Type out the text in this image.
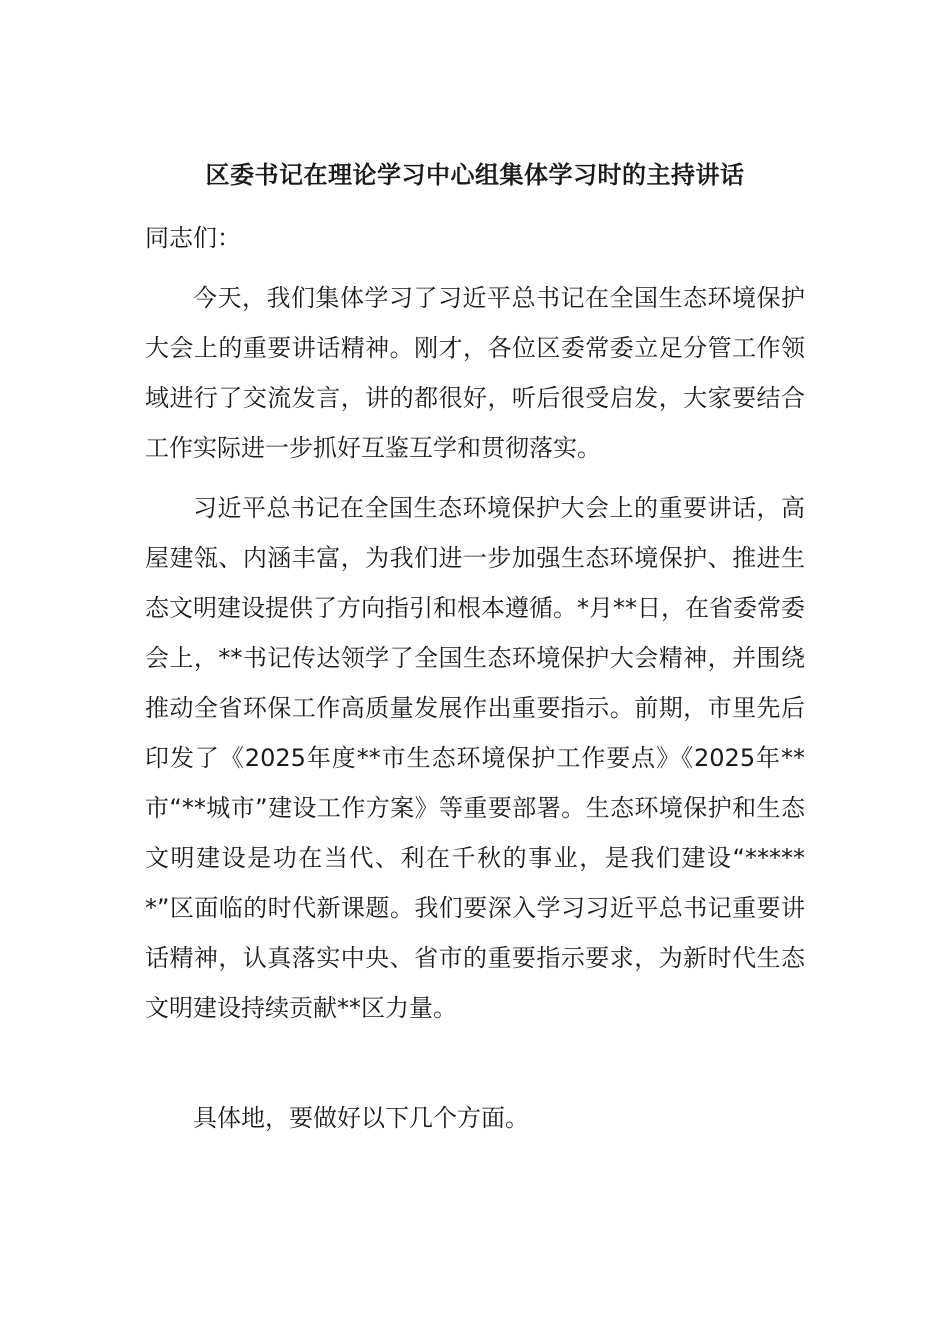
区委书记在理论学习中心组集体学习时的主持讲话

同志们：

今天，我们集体学习了习近平总书记在全国生态环境保护大会上的重要讲话精神。刚才，各位区委常委立足分管工作领域进行了交流发言，讲的都很好，听后很受启发，大家要结合工作实际进一步抓好互鉴互学和贯彻落实。

习近平总书记在全国生态环境保护大会上的重要讲话，高屋建瓴、内涵丰富，为我们进一步加强生态环境保护、推进生态文明建设提供了方向指引和根本遵循。*月**日，在省委常委会上，**书记传达领学了全国生态环境保护大会精神，并围绕推动全省环保工作高质量发展作出重要指示。前期，市里先后印发了《2025年度**市生态环境保护工作要点》《2025年**市“**城市”建设工作方案》等重要部署。生态环境保护和生态文明建设是功在当代、利在千秋的事业，是我们建设“******”区面临的时代新课题。我们要深入学习习近平总书记重要讲话精神，认真落实中央、省市的重要指示要求，为新时代生态文明建设持续贡献**区力量。

具体地，要做好以下几个方面。
